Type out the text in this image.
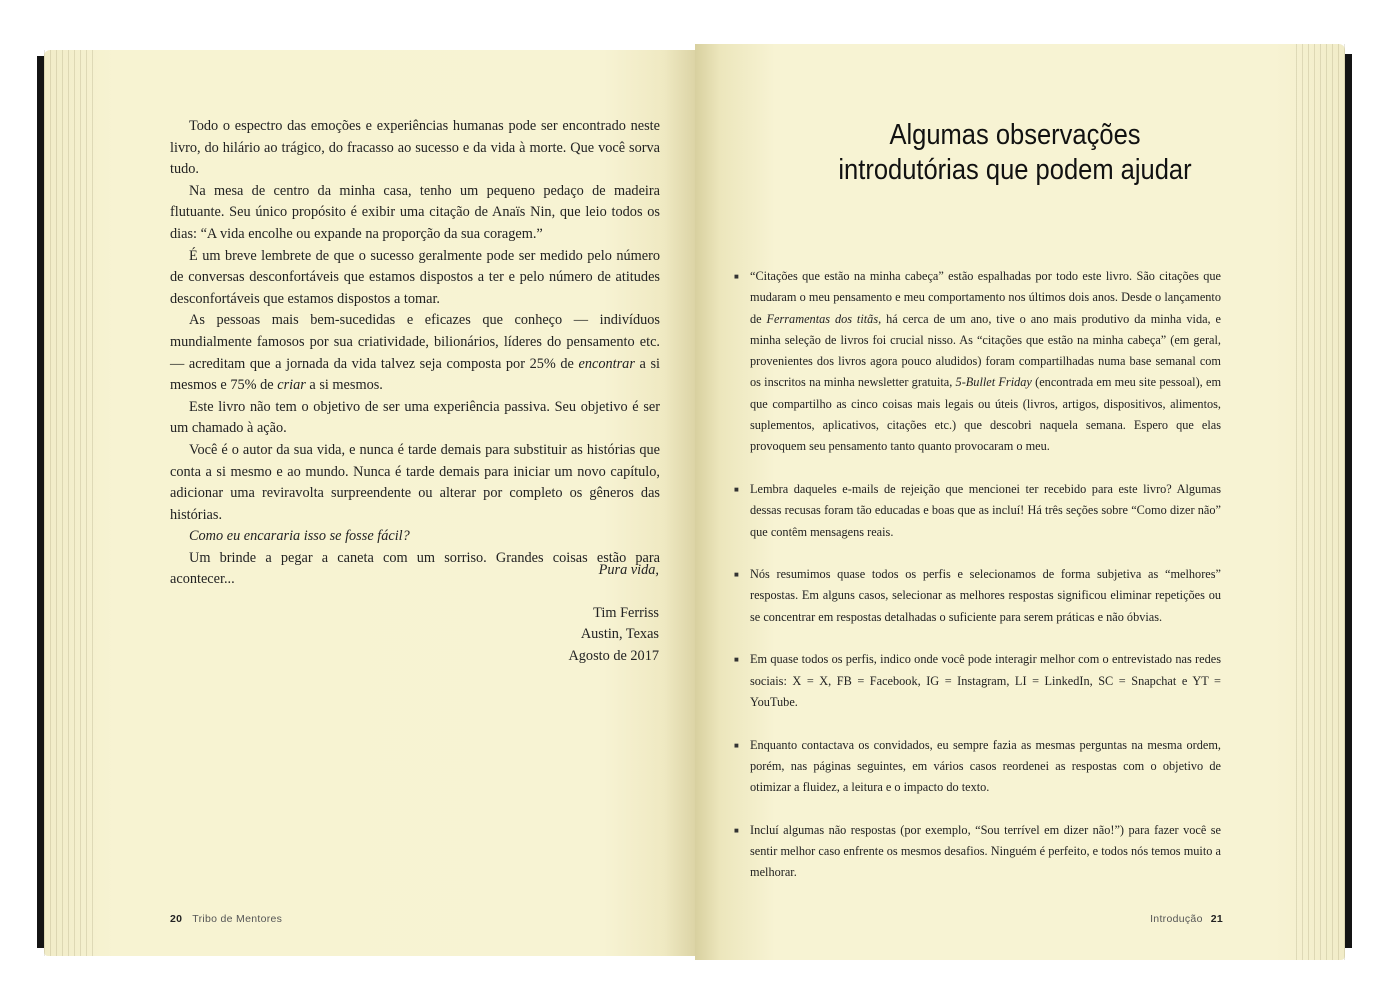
Todo o espectro das emoções e experiências humanas pode ser encontrado neste livro, do hilário ao trágico, do fracasso ao sucesso e da vida à morte. Que você sorva tudo.

Na mesa de centro da minha casa, tenho um pequeno pedaço de madeira flutuante. Seu único propósito é exibir uma citação de Anaïs Nin, que leio todos os dias: “A vida encolhe ou expande na proporção da sua coragem.”

É um breve lembrete de que o sucesso geralmente pode ser medido pelo número de conversas desconfortáveis que estamos dispostos a ter e pelo número de atitudes desconfortáveis que estamos dispostos a tomar.

As pessoas mais bem-sucedidas e eficazes que conheço — indivíduos mundialmente famosos por sua criatividade, bilionários, líderes do pensamento etc. — acreditam que a jornada da vida talvez seja composta por 25% de encontrar a si mesmos e 75% de criar a si mesmos.

Este livro não tem o objetivo de ser uma experiência passiva. Seu objetivo é ser um chamado à ação.

Você é o autor da sua vida, e nunca é tarde demais para substituir as histórias que conta a si mesmo e ao mundo. Nunca é tarde demais para iniciar um novo capítulo, adicionar uma reviravolta surpreendente ou alterar por completo os gêneros das histórias.

Como eu encararia isso se fosse fácil?

Um brinde a pegar a caneta com um sorriso. Grandes coisas estão para acontecer...

Pura vida,
Tim Ferriss
Austin, Texas
Agosto de 2017
20 Tribo de Mentores
Algumas observações
introdutórias que podem ajudar
■ “Citações que estão na minha cabeça” estão espalhadas por todo este livro. São citações que mudaram o meu pensamento e meu comportamento nos últimos dois anos. Desde o lançamento de Ferramentas dos titãs, há cerca de um ano, tive o ano mais produtivo da minha vida, e minha seleção de livros foi crucial nisso. As “citações que estão na minha cabeça” (em geral, provenientes dos livros agora pouco aludidos) foram compartilhadas numa base semanal com os inscritos na minha newsletter gratuita, 5-Bullet Friday (encontrada em meu site pessoal), em que compartilho as cinco coisas mais legais ou úteis (livros, artigos, dispositivos, alimentos, suplementos, aplicativos, citações etc.) que descobri naquela semana. Espero que elas provoquem seu pensamento tanto quanto provocaram o meu.
■ Lembra daqueles e-mails de rejeição que mencionei ter recebido para este livro? Algumas dessas recusas foram tão educadas e boas que as incluí! Há três seções sobre “Como dizer não” que contêm mensagens reais.
■ Nós resumimos quase todos os perfis e selecionamos de forma subjetiva as “melhores” respostas. Em alguns casos, selecionar as melhores respostas significou eliminar repetições ou se concentrar em respostas detalhadas o suficiente para serem práticas e não óbvias.
■ Em quase todos os perfis, indico onde você pode interagir melhor com o entrevistado nas redes sociais: X = X, FB = Facebook, IG = Instagram, LI = LinkedIn, SC = Snapchat e YT = YouTube.
■ Enquanto contactava os convidados, eu sempre fazia as mesmas perguntas na mesma ordem, porém, nas páginas seguintes, em vários casos reordenei as respostas com o objetivo de otimizar a fluidez, a leitura e o impacto do texto.
■ Incluí algumas não respostas (por exemplo, “Sou terrível em dizer não!”) para fazer você se sentir melhor caso enfrente os mesmos desafios. Ninguém é perfeito, e todos nós temos muito a melhorar.
Introdução 21
